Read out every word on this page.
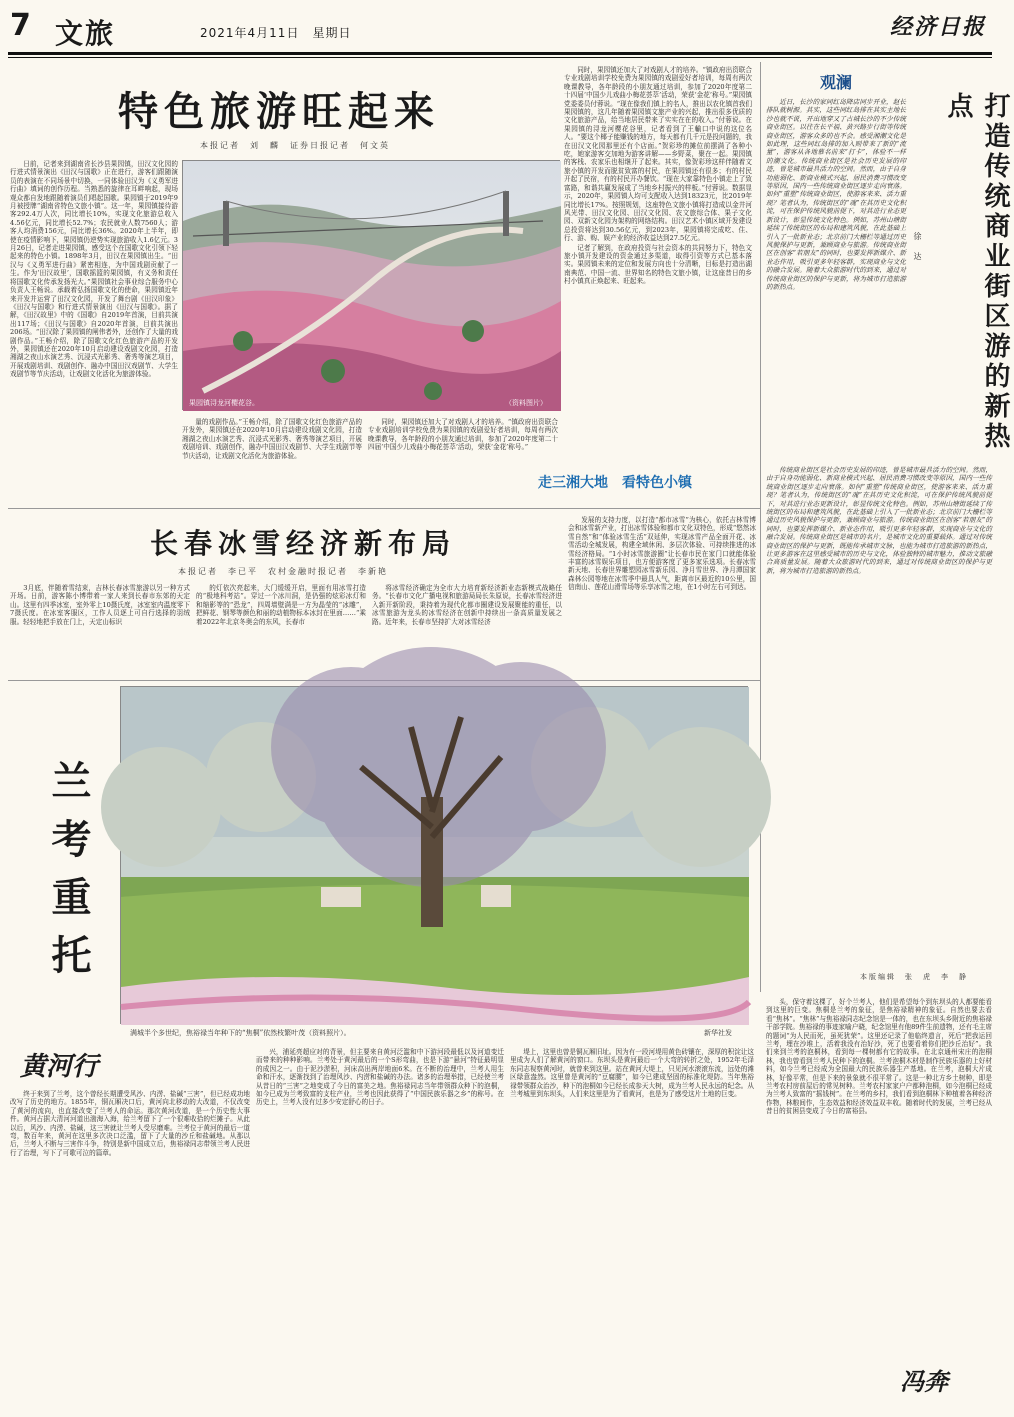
7 文旅	2021年4月11日　星期日	经济日报
特色旅游旺起来
本报记者　刘　麟　证券日报记者　何文英
果园镇浔龙河樱花谷。	（资料图片）

日前，记者来到湖南省长沙县果园镇，田汉文化园的行进式情景演出《田汉与国歌》正在进行，游客们跟随演员的表演在不同场景中切换，一同体验田汉为《义勇军进行曲》填词的创作历程。当熟悉的旋律在耳畔响起，现场观众都自发地跟随着演员们唱起国歌。果园镇于2019年9月被授牌“湖南省特色文旅小镇”。这一年，果园镇接待游客292.4万人次，同比增长10%，实现文化旅游总收入4.56亿元，同比增长52.7%；农民就业人数7560人；游客人均消费156元，同比增长36%。2020年上半年，即使在疫情影响下，果园镇仍逆势实现旅游收入1.6亿元。3月26日，记者走进果园镇，感受这个在国歌文化引领下轻起来的特色小镇。1898年3月，田汉在果园镇出生。“田汉与《义勇军进行曲》紧密相连，为中国戏剧贡献了一生。作为‘田汉故里’，国歌摇篮的果园镇，有义务和责任将国歌文化传承发扬光大。”果园镇社会事业综合服务中心负责人王畅说。承载着弘扬国歌文化的使命，果园镇近年来开发并运营了田汉文化园，开发了舞台剧《田汉印象》《田汉与国歌》和行进式情景演出《田汉与国歌》。据了解，《田汉故里》中的《国歌》自2019年首演，目前共演出117场；《田汉与国歌》自2020年首演，目前共演出206场。“田汉除了果园镇的闸伟者外，还创作了大量的戏剧作品。”王畅介绍，除了国歌文化红色旅游产品的开发外，果园镇还在2020年10月启动建设戏剧文化园，打造湘湖之夜山水演艺秀、沉浸式光影秀、奢秀等演艺项目，开展戏剧培训、戏剧创作、融办中国田汉戏剧节、大学生戏剧节等节庆活动，让戏剧文化活化为旅游体验。

量的戏剧作品。”王畅介绍，除了国歌文化红色旅游产品的开发外，果园镇还在2020年10月启动建设戏剧文化园，打造湘湖之夜山水演艺秀、沉浸式光影秀、奢秀等演艺项目，开展戏剧培训、戏剧创作，融办中国田汉戏剧节、大学生戏剧节等节庆活动，让戏剧文化活化为旅游体验。

同时，果园镇还加大了对戏剧人才的培养。“镇政府出资联合专业戏剧培训学校免费为果园镇的戏剧爱好者培训，每周有两次晚课教导，各年龄段的小朋友通过培训，参加了2020年度第二十四届‘中国少儿戏曲小梅花荟萃’活动，荣获‘金花’称号。”

同时，果园镇还加大了对戏剧人才的培养。“镇政府出资联合专业戏剧培训学校免费为果园镇的戏剧爱好者培训，每周有两次晚课教导，各年龄段的小朋友通过培训，参加了2020年度第二十四届‘中国少儿戏曲小梅花荟萃’活动，荣获‘金花’称号。”果园镇党委委员付蓉说。“现在像我们镇上的名人，推出以农化镇首我们果园镇的，这几年随着果园镇文旅产业的兴起，推出很多优质的文化旅游产品，给当地居民带来了实实在在的收入。”付蓉说。在果园镇的浔龙河樱花谷里，记者看到了王輸口中说的这位名人。“要这个椰子能赚钱的地方，每天都有几千元是投问题的，我在田汉文化园那里还有个店面。”贺彩珍的摊位前摆满了各种小吃，她家游客交加地为游客讲解——乡野菜，聚在一起。果园镇的客栈、农家乐也相继开了起来。其实，像贺彩珍这样伴随着文旅小镇的开发而脱贫致富的村民，在果园镇还有很多；有的村民开起了民宿，有的村民开办餐饮。“现在大家靠特色小镇走上了致富路，和谐共赢发展成了当地乡村振兴的样板。”付蓉说。数据显示，2020年，果园镇人均可支配收入达到18323元，比2019年同比增长17%。按照规划，这座特色文旅小镇将打造成以金井河风光带、田汉文化园、田汉文化园、农文旅综合体、果子文化园、双新文化园为架构的网络结构。田汉艺术小镇区域开发建设总投资将达到30.56亿元，到2023年，果园镇将完成吃、住、行、游、购、娱产业的经济收益达到27.5亿元。

记者了解到，在政府投资与社会资本的共同努力下，特色文旅小镇开发建设的资金通过多渠道，取得引资等方式已基本落实。果园镇未来的定位和发展方向也十分清晰，目标是打造出湖南典范、中国一流、世界知名的特色文旅小镇，让这座昔日的乡村小镇真正焕起来、旺起来。

走三湘大地　看特色小镇
观澜
打造传统商业街区游的新热点
徐　达

近日，长沙的家同红岛降店同步开业，赵长排队就树源。其实，这些同红岛排在其实主地长沙也就不说，开出地穿又了古城长沙的不少传统商业街区。以往在长平福、黄兴路步行街等传统商业街区，游客众多的也不会。感受湘潮文化是如此理，这些同红岛排的加入则带来了新的“流量”，游客从各地慕名前来“打卡”，体验不一样的潮文化。传统商业街区是社会历史发展的印迹，曾是城市最具活力的空间。然而，由于自身功能弱化、新商业模式兴起、居民消费习惯改变等原因，国内一些传统商业街区逐步走向衰落。如何“重塑”传统商业街区，使游客来来、活力重现？笔者认为，传统街区的“魂”在其历史文化积淀，可在保护传统风貌前提下，对其进行业态更新设计，彰显传统文化特色。例如，苏州山塘街延续了传统街区的布局和建筑风貌，在此基础上引入了一批新业态；北京前门大栅栏等通过历史风貌保护与更新，兼顾商业与旅游。传统商业街区在创客“若朋友”的同时，也要发挥新媒介、新业态作用，吸引更多年轻客群，实现商业与文化的融合发展。随着大众旅游时代的到来，通过对传统商业街区的保护与更新，将为城市打造旅游的新热点。

传统商业街区是社会历史发展的印迹，曾是城市最具活力的空间。然而，由于自身功能弱化、新商业模式兴起、居民消费习惯改变等原因，国内一些传统商业街区逐步走向衰落。如何“重塑”传统商业街区，使游客来来、活力重现？笔者认为，传统街区的“魂”在其历史文化积淀，可在保护传统风貌前提下，对其进行业态更新设计，彰显传统文化特色。例如，苏州山塘街延续了传统街区的布局和建筑风貌，在此基础上引入了一批新业态；北京前门大栅栏等通过历史风貌保护与更新，兼顾商业与旅游。传统商业街区在创客“若朋友”的同时，也要发挥新媒介、新业态作用，吸引更多年轻客群，实现商业与文化的融合发展。传统商业街区是城市的名片，是城市文化的重要载体。通过对传统商业街区的保护与更新，既能传承城市文脉，也能为城市打造旅游的新热点，让更多游客在这里感受城市的历史与文化，体验独特的城市魅力，推动文旅融合高质量发展。随着大众旅游时代的到来，通过对传统商业街区的保护与更新，将为城市打造旅游的新热点。

本版编辑　张　虎　李　静
长春冰雪经济新布局
本报记者　李已平　农村金融时报记者　李新艳

3月底，伴随着雪结束，吉林长春冰雪旅游以另一种方式开场。日前，游客陈小博带着一家人来到长春市东郊的天定山。这里有四季冰室，室外零上10摄氏度，冰室室内温度零下7摄氏度。在冰室客服区，工作人员逐上可自行选择的羽绒服。轻轻地把手放在门上，天定山标识

的灯依次亮起来，大门缓缓开启，里面有用冰雪打造的“极地科考站”。穿过一个冰川洞，是仍强的炫彩冰灯和和缩影等的“恐龙”，四周墙壁满是一方为晶莹的“冰雕”，把鲜花、钢琴等颜色和丽的动植物标本冰封在里面……“乘着2022年北京冬奥会的东风，长春市

将冰雪经济确定为全市大力培育新经济新业态新模式战略任务。“长春市文化广播电视和旅游局局长朱原说，长春冰雪经济进入新开新阶段，秉持着为现代化都市圈建设发展聚能的重任，以冰雪旅游为龙头的冰雪经济在创新中持续出一条高质量发展之路。近年来，长春市坚持扩大对冰雪经济

发展的支持力度，以打造“都市冰雪”为核心，依托吉林雪博会和冰雪新产业，打出冰雪体验和都市文化双特色，形成“悠然冰雪自然”和“体验冰雪生活”双延伸，实现冰雪产品全面开花、冰雪活动全城发展，构建全域休闲、多层次体验、可持续推进的冰雪经济格局。“1小时冰雪旅游圈”让长春市民在家门口就能体验丰富的冰雪娱乐项目，也方便游客度了更多家乐选项。长春冰雪新天地、长春世界雕塑园冰雪新乐园、净月雪世界、净月潭国家森林公园等地在冰雪季中最具人气，距离市区最近的10公里，国信南山、莲花山滑雪场等乐享冰雪之地，在1小时左右可到达。

兰考重托
满城半个多世纪，焦裕禄当年种下的“焦桐”依然枝繁叶茂（资料照片）。	新华社发
黄河行

终于来到了兰考，这个曾经长期遭受风沙、内涝、盐碱“三害”，但已经成功地改写了历史的地方。1855年，铜瓦厢决口后，黄河向北移动的大改道，不仅改变了黄河的流向，也直接改变了兰考人的命运。那次黄河改道，是一个历史性大事件。黄河占据大清河河道出渤海入海，给兰考留下了一个很难收拾的烂摊子。从此以后，风沙、内涝、盐碱，这三害就让兰考人受尽磨难。兰考位于黄河的最后一道弯，数百年来，黄河在这里多次决口泛滥，留下了大量的沙丘和盐碱地。从那以后，兰考人不断与三害作斗争，特别是新中国成立后，焦裕禄同志带领兰考人民进行了治理，写下了可歌可泣的篇章。

兴，浦延亮超应对的背景，但主要来自黄河泛滥和中下游河段最低以及河道变迁而带来的种种影响。兰考处于黄河最后的一个S形弯曲，也是下游“悬河”特征最明显的成因之一。由于泥沙淤积，河床高出两岸地面6米。在不断的治理中，兰考人用生命和汗水，逐渐找到了治理风沙、内涝和盐碱的办法。诸多的治理举措，已经使兰考从昔日的“三害”之地变成了今日的富美之地。焦裕禄同志当年带领群众种下的泡桐，如今已成为兰考致富的支柱产业，兰考也因此获得了“中国民族乐器之乡”的称号。在历史上，兰考人没有过多少安定舒心的日子。

堤上，这里也曾是铜瓦厢旧址。因为有一段河堤用黄色砖镶在，深厚的积淀让这里成为人们了解黄河的窗口。东坝头是黄河最后一个大弯的转折之处，1952年毛泽东同志视察黄河时，就曾来到这里。站在黄河大堤上，只见河水滚滚东流，远处的滩区绿意盎然。这里曾是黄河的“豆腐腰”，如今已建成坚固的标准化堤防。当年焦裕禄带领群众治沙，种下的泡桐如今已经长成参天大树，成为兰考人民永远的纪念。从兰考城里到东坝头，人们来这里是为了看黄河，也是为了感受这片土地的巨变。

头，保守着这棵了，好个兰考人，他们是希望每个到东坝头的人都要能看到这里的巨变。焦桐是兰考的象征，是焦裕禄精神的象征。自然也要去看看“焦林”。“焦林”与焦裕禄同志纪念馆是一体的，也在东坝头乡附近的焦裕禄干部学院。焦裕禄的事迹家喻户晓，纪念馆里有他89件生前遗物，还有毛主席的题词“为人民而死，虽死犹荣”。这里还记录了他临终遗言，死后“把我运回兰考，埋在沙堆上，活着我没有治好沙，死了也要看着你们把沙丘治好”。我们来到兰考的泡桐林，看到每一棵树都有它的故事。在北京通州宋庄的泡桐林，我也曾看到兰考人民种下的泡桐。兰考泡桐木材是制作民族乐器的上好材料，如今兰考已经成为全国最大的民族乐器生产基地。在兰考，泡桐大片成林，好像平常，但是下来的景象就不很平常了。这是一种北方乡土树种，即是兰考农村房前屋后的常见树种。兰考农村家家户户都种泡桐，如今泡桐已经成为兰考人致富的“摇钱树”。在兰考的乡村，我们看到泡桐林下种植着各种经济作物，林粮间作，生态效益和经济效益双丰收。随着时代的发展，兰考已经从昔日的贫困县变成了今日的富裕县。

冯奔
